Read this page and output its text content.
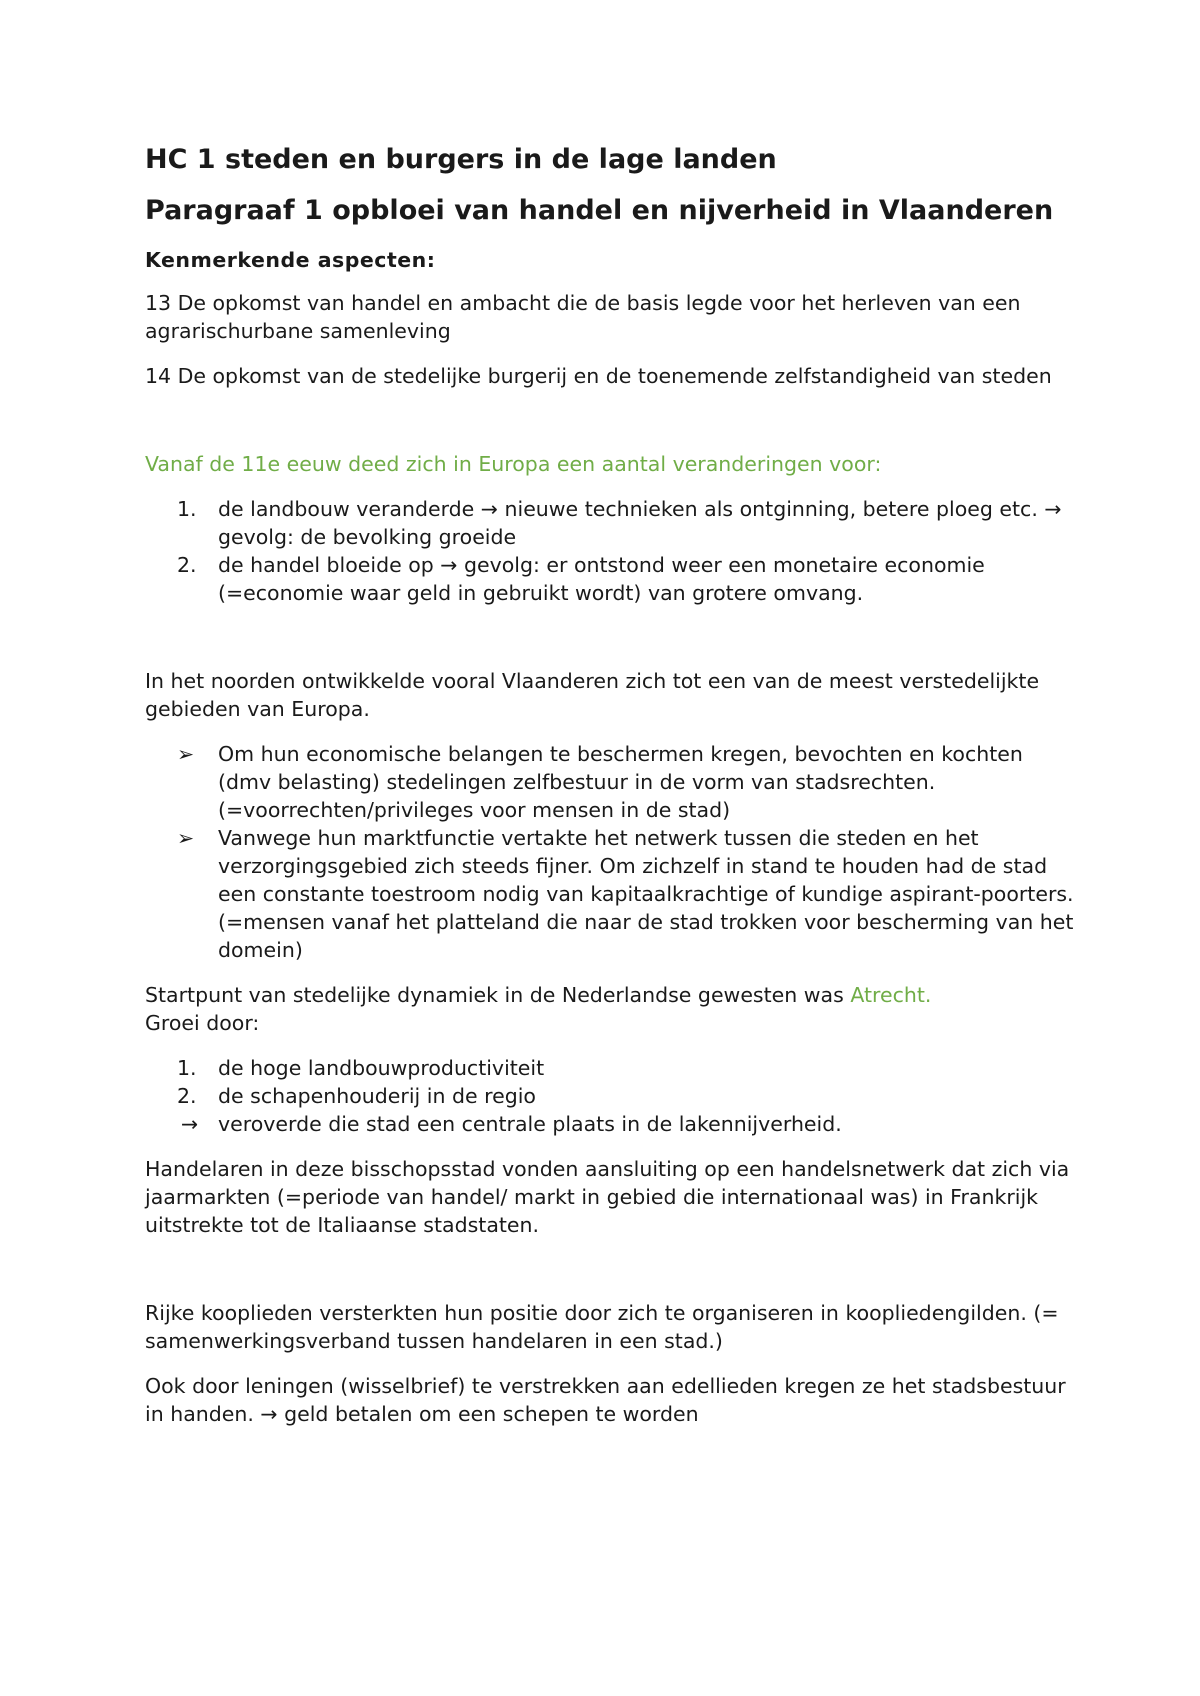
HC 1 steden en burgers in de lage landen
Paragraaf 1 opbloei van handel en nijverheid in Vlaanderen
Kenmerkende aspecten:

13 De opkomst van handel en ambacht die de basis legde voor het herleven van een agrarischurbane samenleving

14 De opkomst van de stedelijke burgerij en de toenemende zelfstandigheid van steden

Vanaf de 11e eeuw deed zich in Europa een aantal veranderingen voor:

1. de landbouw veranderde → nieuwe technieken als ontginning, betere ploeg etc. → gevolg: de bevolking groeide
2. de handel bloeide op → gevolg: er ontstond weer een monetaire economie (=economie waar geld in gebruikt wordt) van grotere omvang.

In het noorden ontwikkelde vooral Vlaanderen zich tot een van de meest verstedelijkte gebieden van Europa.

➢ Om hun economische belangen te beschermen kregen, bevochten en kochten (dmv belasting) stedelingen zelfbestuur in de vorm van stadsrechten. (=voorrechten/privileges voor mensen in de stad)
➢ Vanwege hun marktfunctie vertakte het netwerk tussen die steden en het verzorgingsgebied zich steeds fijner. Om zichzelf in stand te houden had de stad een constante toestroom nodig van kapitaalkrachtige of kundige aspirant-poorters. (=mensen vanaf het platteland die naar de stad trokken voor bescherming van het domein)

Startpunt van stedelijke dynamiek in de Nederlandse gewesten was Atrecht.
Groei door:

1. de hoge landbouwproductiviteit
2. de schapenhouderij in de regio
→ veroverde die stad een centrale plaats in de lakennijverheid.

Handelaren in deze bisschopsstad vonden aansluiting op een handelsnetwerk dat zich via jaarmarkten (=periode van handel/ markt in gebied die internationaal was) in Frankrijk uitstrekte tot de Italiaanse stadstaten.

Rijke kooplieden versterkten hun positie door zich te organiseren in koopliedengilden. (= samenwerkingsverband tussen handelaren in een stad.)

Ook door leningen (wisselbrief) te verstrekken aan edellieden kregen ze het stadsbestuur in handen. → geld betalen om een schepen te worden
